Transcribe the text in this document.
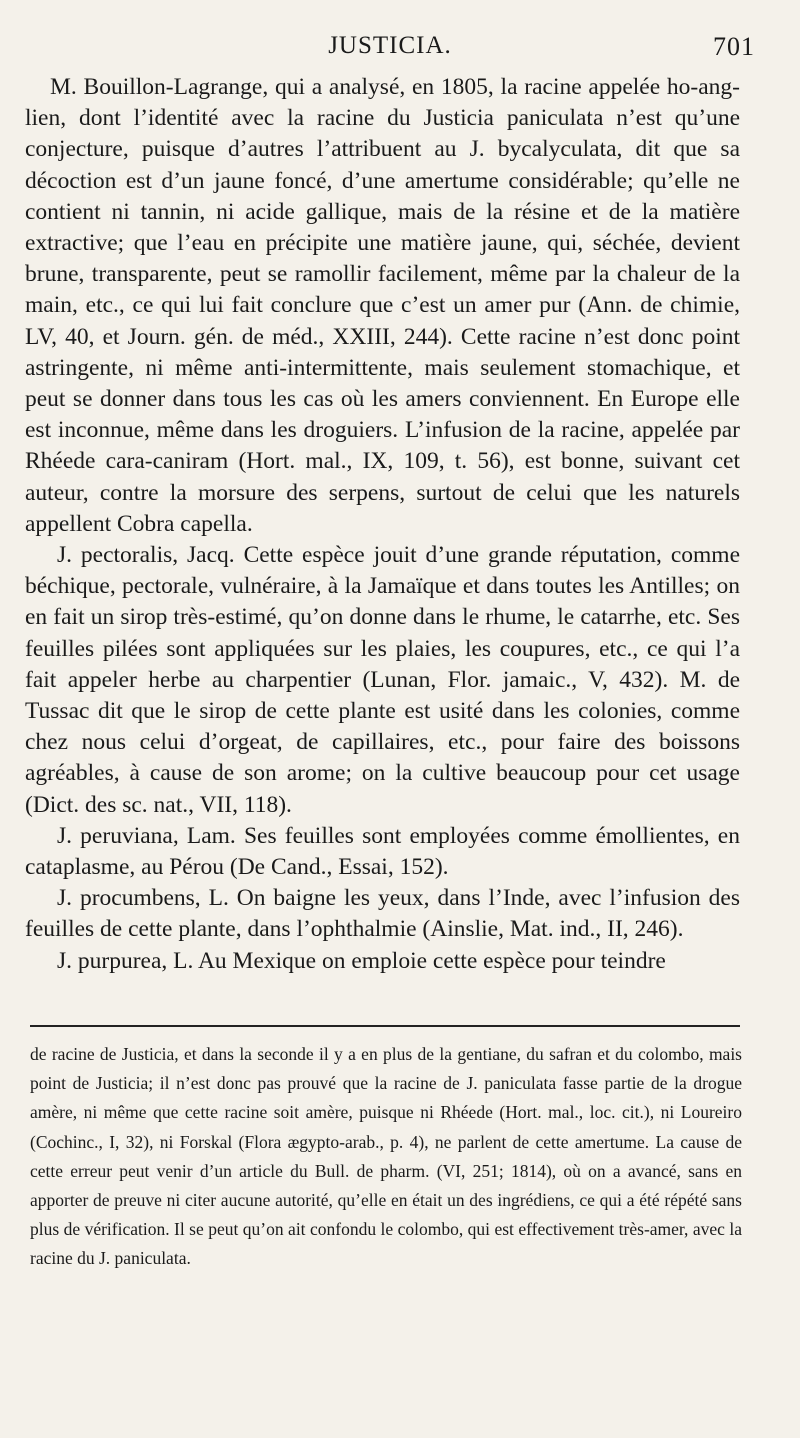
JUSTICIA.	701

M. Bouillon-Lagrange, qui a analysé, en 1805, la racine appelée ho-ang-lien, dont l’identité avec la racine du Justicia paniculata n’est qu’une conjecture, puisque d’autres l’attribuent au J. bycalyculata, dit que sa décoction est d’un jaune foncé, d’une amertume considérable; qu’elle ne contient ni tannin, ni acide gallique, mais de la résine et de la matière extractive; que l’eau en précipite une matière jaune, qui, séchée, devient brune, transparente, peut se ramollir facilement, même par la chaleur de la main, etc., ce qui lui fait conclure que c’est un amer pur (Ann. de chimie, LV, 40, et Journ. gén. de méd., XXIII, 244). Cette racine n’est donc point astringente, ni même anti-intermittente, mais seulement stomachique, et peut se donner dans tous les cas où les amers conviennent. En Europe elle est inconnue, même dans les droguiers. L’infusion de la racine, appelée par Rhéede cara-caniram (Hort. mal., IX, 109, t. 56), est bonne, suivant cet auteur, contre la morsure des serpens, surtout de celui que les naturels appellent Cobra capella.

J. pectoralis, Jacq. Cette espèce jouit d’une grande réputation, comme béchique, pectorale, vulnéraire, à la Jamaïque et dans toutes les Antilles; on en fait un sirop très-estimé, qu’on donne dans le rhume, le catarrhe, etc. Ses feuilles pilées sont appliquées sur les plaies, les coupures, etc., ce qui l’a fait appeler herbe au charpentier (Lunan, Flor. jamaic., V, 432). M. de Tussac dit que le sirop de cette plante est usité dans les colonies, comme chez nous celui d’orgeat, de capillaires, etc., pour faire des boissons agréables, à cause de son arome; on la cultive beaucoup pour cet usage (Dict. des sc. nat., VII, 118).

J. peruviana, Lam. Ses feuilles sont employées comme émollientes, en cataplasme, au Pérou (De Cand., Essai, 152).

J. procumbens, L. On baigne les yeux, dans l’Inde, avec l’infusion des feuilles de cette plante, dans l’ophthalmie (Ainslie, Mat. ind., II, 246).

J. purpurea, L. Au Mexique on emploie cette espèce pour teindre

de racine de Justicia, et dans la seconde il y a en plus de la gentiane, du safran et du colombo, mais point de Justicia; il n’est donc pas prouvé que la racine de J. paniculata fasse partie de la drogue amère, ni même que cette racine soit amère, puisque ni Rhéede (Hort. mal., loc. cit.), ni Loureiro (Cochinc., I, 32), ni Forskal (Flora ægypto-arab., p. 4), ne parlent de cette amertume. La cause de cette erreur peut venir d’un article du Bull. de pharm. (VI, 251; 1814), où on a avancé, sans en apporter de preuve ni citer aucune autorité, qu’elle en était un des ingrédiens, ce qui a été répété sans plus de vérification. Il se peut qu’on ait confondu le colombo, qui est effectivement très-amer, avec la racine du J. paniculata.
